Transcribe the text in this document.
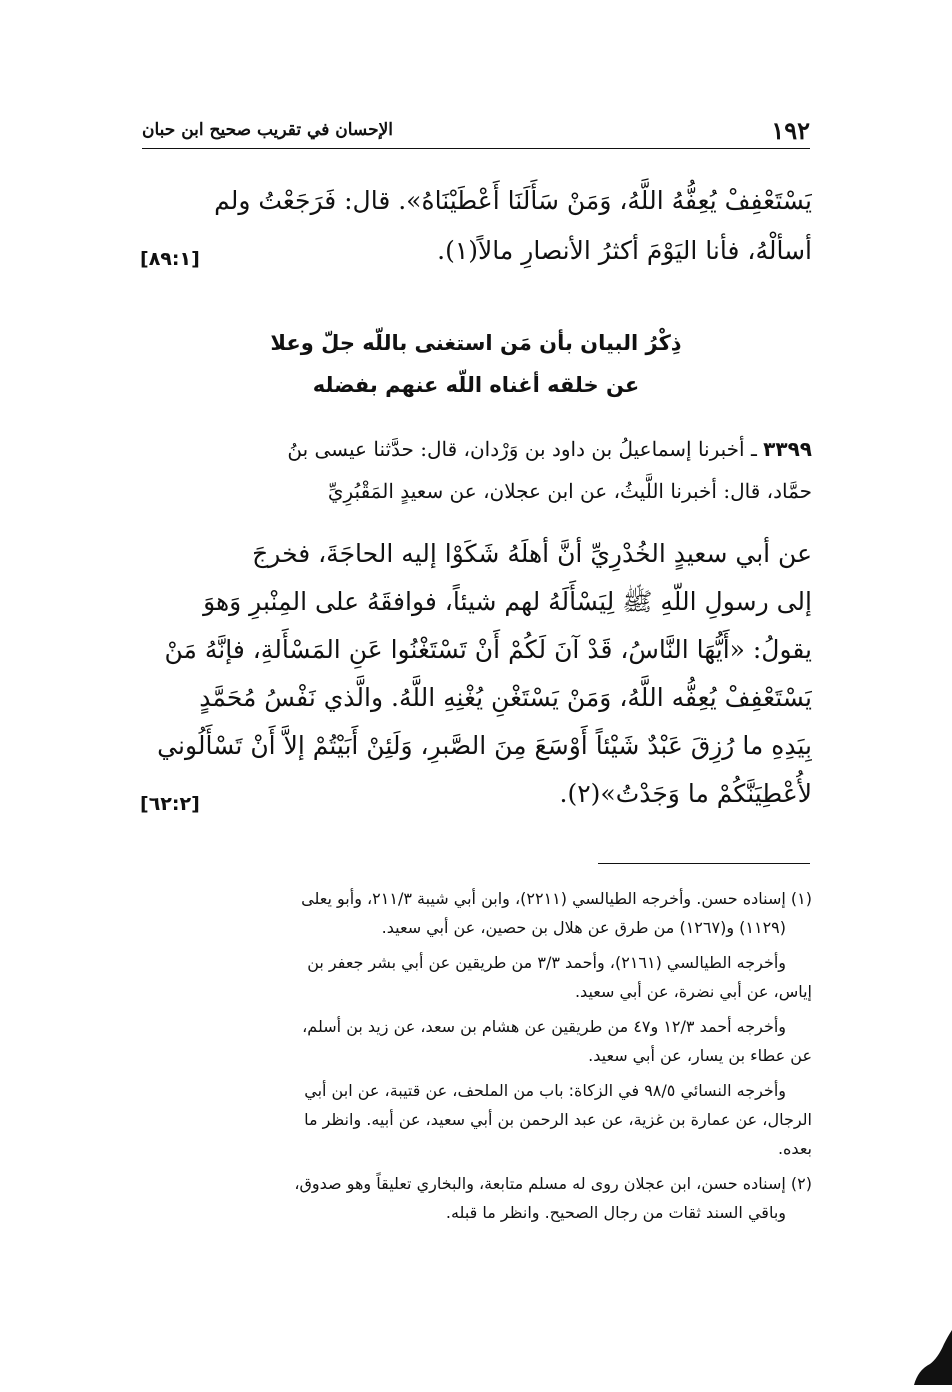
الإحسان في تقريب صحيح ابن حبان	١٩٢
يَسْتَعْفِفْ يُعِفُّهُ اللَّهُ، وَمَنْ سَأَلَنَا أَعْطَيْنَاهُ». قال: فَرَجَعْتُ ولم
أسألْهُ، فأنا اليَوْمَ أكثرُ الأنصارِ مالاً(١).
[٨٩:١]
ذِكْرُ البيان بأن مَن استغنى باللّه جلّ وعلا
عن خلقه أغناه اللّه عنهم بفضله
٣٣٩٩ ـ أخبرنا إسماعيلُ بن داود بن وَرْدان، قال: حدَّثنا عيسى بنُ
حمَّاد، قال: أخبرنا اللَّيثُ، عن ابن عجلان، عن سعيدٍ المَقْبُرِيِّ
عن أبي سعيدٍ الخُدْرِيِّ أنَّ أهلَهُ شَكَوْا إليه الحاجَةَ، فخرجَ
إلى رسولِ اللّهِ ﷺ لِيَسْأَلَهُ لهم شيئاً، فوافقَهُ على المِنْبرِ وَهوَ
يقولُ: «أَيُّهَا النَّاسُ، قَدْ آنَ لَكُمْ أَنْ تَسْتَغْنُوا عَنِ المَسْأَلةِ، فإنَّهُ مَنْ
يَسْتَعْفِفْ يُعِفُّه اللَّهُ، وَمَنْ يَسْتَغْنِ يُغْنِهِ اللَّهُ. والَّذي نَفْسُ مُحَمَّدٍ
بِيَدِهِ ما رُزِقَ عَبْدٌ شَيْئاً أَوْسَعَ مِنَ الصَّبرِ، وَلَئِنْ أَبَيْتُمْ إلاَّ أَنْ تَسْأَلُوني
لأُعْطِيَنَّكُمْ ما وَجَدْتُ»(٢).
[٦٢:٢]
(١) إسناده حسن. وأخرجه الطيالسي (٢٢١١)، وابن أبي شيبة ٢١١/٣، وأبو يعلى
(١١٢٩) و(١٢٦٧) من طرق عن هلال بن حصين، عن أبي سعيد.
وأخرجه الطيالسي (٢١٦١)، وأحمد ٣/٣ من طريقين عن أبي بشر جعفر بن
إياس، عن أبي نضرة، عن أبي سعيد.
وأخرجه أحمد ١٢/٣ و٤٧ من طريقين عن هشام بن سعد، عن زيد بن أسلم،
عن عطاء بن يسار، عن أبي سعيد.
وأخرجه النسائي ٩٨/٥ في الزكاة: باب من الملحف، عن قتيبة، عن ابن أبي
الرجال، عن عمارة بن غزية، عن عبد الرحمن بن أبي سعيد، عن أبيه. وانظر ما
بعده.
(٢) إسناده حسن، ابن عجلان روى له مسلم متابعة، والبخاري تعليقاً وهو صدوق،
وباقي السند ثقات من رجال الصحيح. وانظر ما قبله.
